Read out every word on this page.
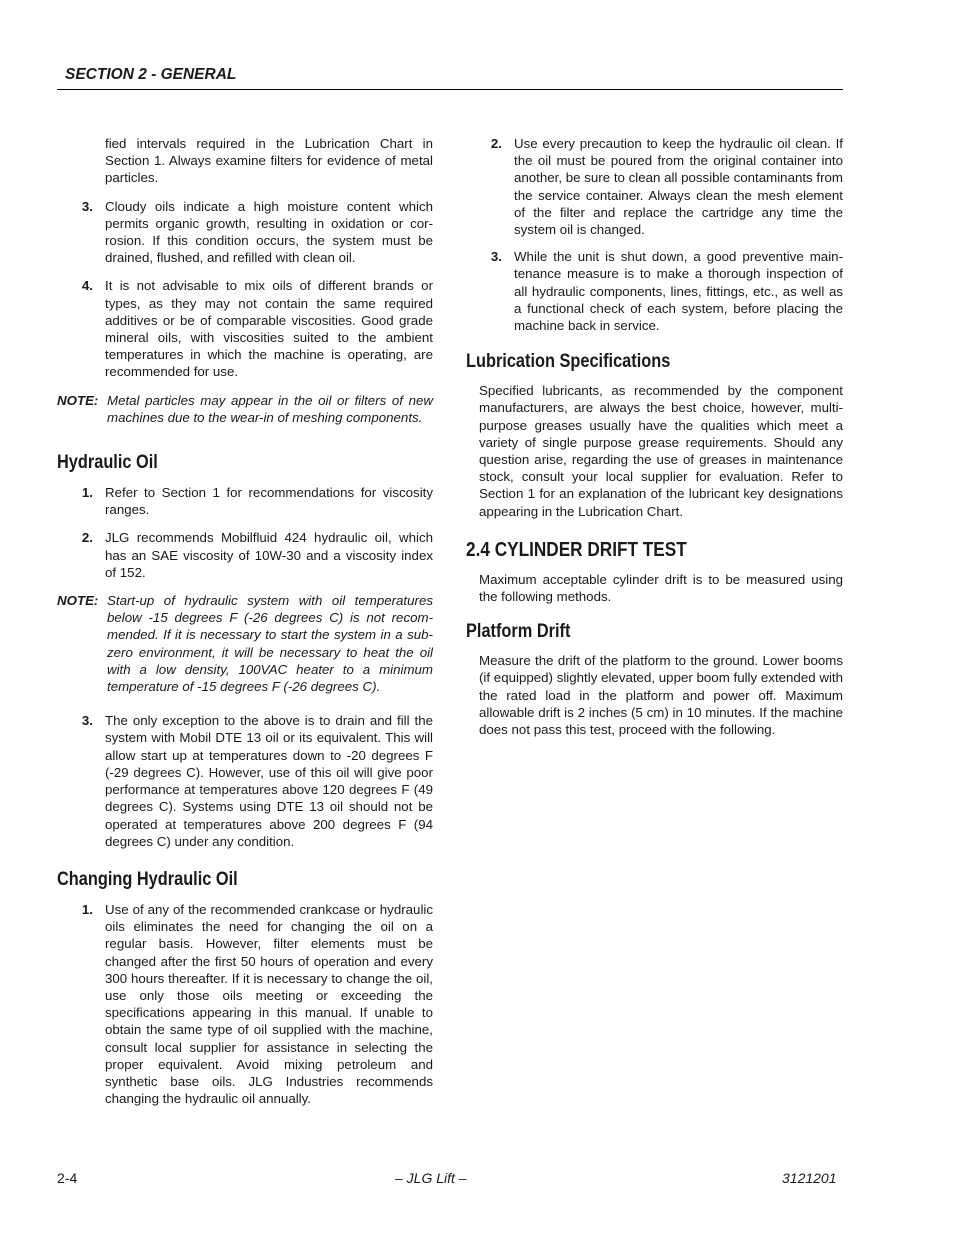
SECTION 2 - GENERAL

fied intervals required in the Lubrication Chart in Section 1. Always examine filters for evidence of metal particles.

3. Cloudy oils indicate a high moisture content which permits organic growth, resulting in oxidation or corrosion. If this condition occurs, the system must be drained, flushed, and refilled with clean oil.
4. It is not advisable to mix oils of different brands or types, as they may not contain the same required additives or be of comparable viscosities. Good grade mineral oils, with viscosities suited to the ambient temperatures in which the machine is operating, are recommended for use.
NOTE: Metal particles may appear in the oil or filters of new machines due to the wear-in of meshing components.
Hydraulic Oil
1. Refer to Section 1 for recommendations for viscosity ranges.
2. JLG recommends Mobilfluid 424 hydraulic oil, which has an SAE viscosity of 10W-30 and a viscosity index of 152.
NOTE: Start-up of hydraulic system with oil temperatures below -15 degrees F (-26 degrees C) is not recommended. If it is necessary to start the system in a sub-zero environment, it will be necessary to heat the oil with a low density, 100VAC heater to a minimum temperature of -15 degrees F (-26 degrees C).
3. The only exception to the above is to drain and fill the system with Mobil DTE 13 oil or its equivalent. This will allow start up at temperatures down to -20 degrees F (-29 degrees C). However, use of this oil will give poor performance at temperatures above 120 degrees F (49 degrees C). Systems using DTE 13 oil should not be operated at temperatures above 200 degrees F (94 degrees C) under any condition.
Changing Hydraulic Oil
1. Use of any of the recommended crankcase or hydraulic oils eliminates the need for changing the oil on a regular basis. However, filter elements must be changed after the first 50 hours of operation and every 300 hours thereafter. If it is necessary to change the oil, use only those oils meeting or exceeding the specifications appearing in this manual. If unable to obtain the same type of oil supplied with the machine, consult local supplier for assistance in selecting the proper equivalent. Avoid mixing petroleum and synthetic base oils. JLG Industries recommends changing the hydraulic oil annually.
2. Use every precaution to keep the hydraulic oil clean. If the oil must be poured from the original container into another, be sure to clean all possible contaminants from the service container. Always clean the mesh element of the filter and replace the cartridge any time the system oil is changed.
3. While the unit is shut down, a good preventive maintenance measure is to make a thorough inspection of all hydraulic components, lines, fittings, etc., as well as a functional check of each system, before placing the machine back in service.
Lubrication Specifications

Specified lubricants, as recommended by the component manufacturers, are always the best choice, however, multi-purpose greases usually have the qualities which meet a variety of single purpose grease requirements. Should any question arise, regarding the use of greases in maintenance stock, consult your local supplier for evaluation. Refer to Section 1 for an explanation of the lubricant key designations appearing in the Lubrication Chart.

2.4 CYLINDER DRIFT TEST

Maximum acceptable cylinder drift is to be measured using the following methods.

Platform Drift

Measure the drift of the platform to the ground. Lower booms (if equipped) slightly elevated, upper boom fully extended with the rated load in the platform and power off. Maximum allowable drift is 2 inches (5 cm) in 10 minutes. If the machine does not pass this test, proceed with the following.

2-4	– JLG Lift –	3121201
